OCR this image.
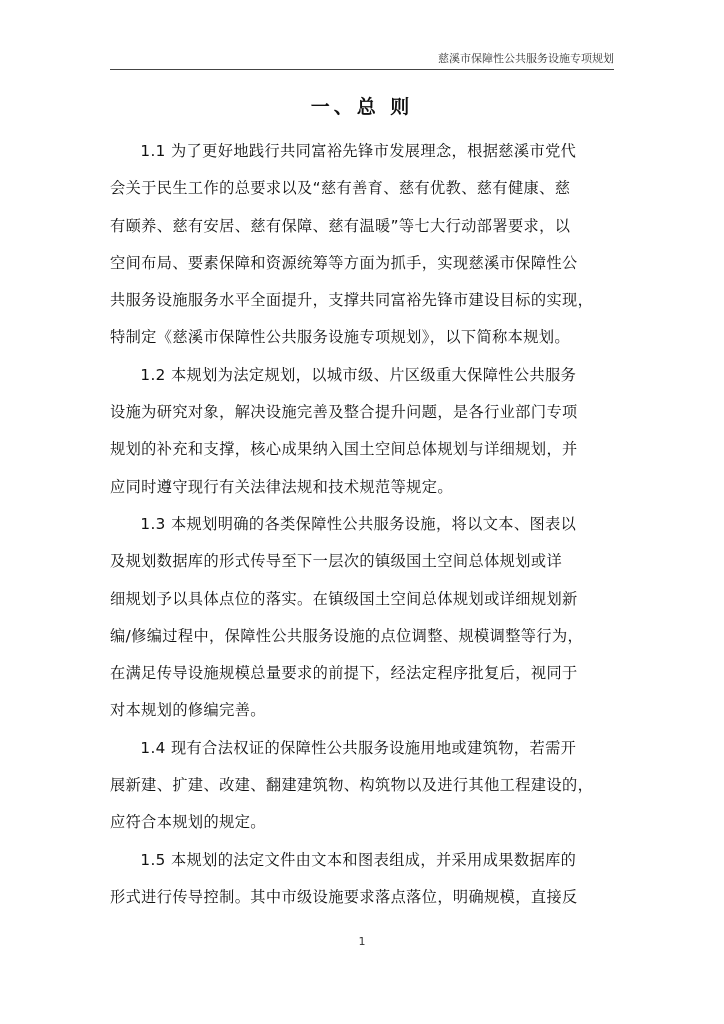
慈溪市保障性公共服务设施专项规划
一、总 则

1.1 为了更好地践行共同富裕先锋市发展理念，根据慈溪市党代
会关于民生工作的总要求以及“慈有善育、慈有优教、慈有健康、慈
有颐养、慈有安居、慈有保障、慈有温暖”等七大行动部署要求，以
空间布局、要素保障和资源统筹等方面为抓手，实现慈溪市保障性公
共服务设施服务水平全面提升，支撑共同富裕先锋市建设目标的实现，
特制定《慈溪市保障性公共服务设施专项规划》，以下简称本规划。

1.2 本规划为法定规划，以城市级、片区级重大保障性公共服务
设施为研究对象，解决设施完善及整合提升问题，是各行业部门专项
规划的补充和支撑，核心成果纳入国土空间总体规划与详细规划，并
应同时遵守现行有关法律法规和技术规范等规定。

1.3 本规划明确的各类保障性公共服务设施，将以文本、图表以
及规划数据库的形式传导至下一层次的镇级国土空间总体规划或详
细规划予以具体点位的落实。在镇级国土空间总体规划或详细规划新
编/修编过程中，保障性公共服务设施的点位调整、规模调整等行为，
在满足传导设施规模总量要求的前提下，经法定程序批复后，视同于
对本规划的修编完善。

1.4 现有合法权证的保障性公共服务设施用地或建筑物，若需开
展新建、扩建、改建、翻建建筑物、构筑物以及进行其他工程建设的，
应符合本规划的规定。

1.5 本规划的法定文件由文本和图表组成，并采用成果数据库的
形式进行传导控制。其中市级设施要求落点落位，明确规模，直接反

1
